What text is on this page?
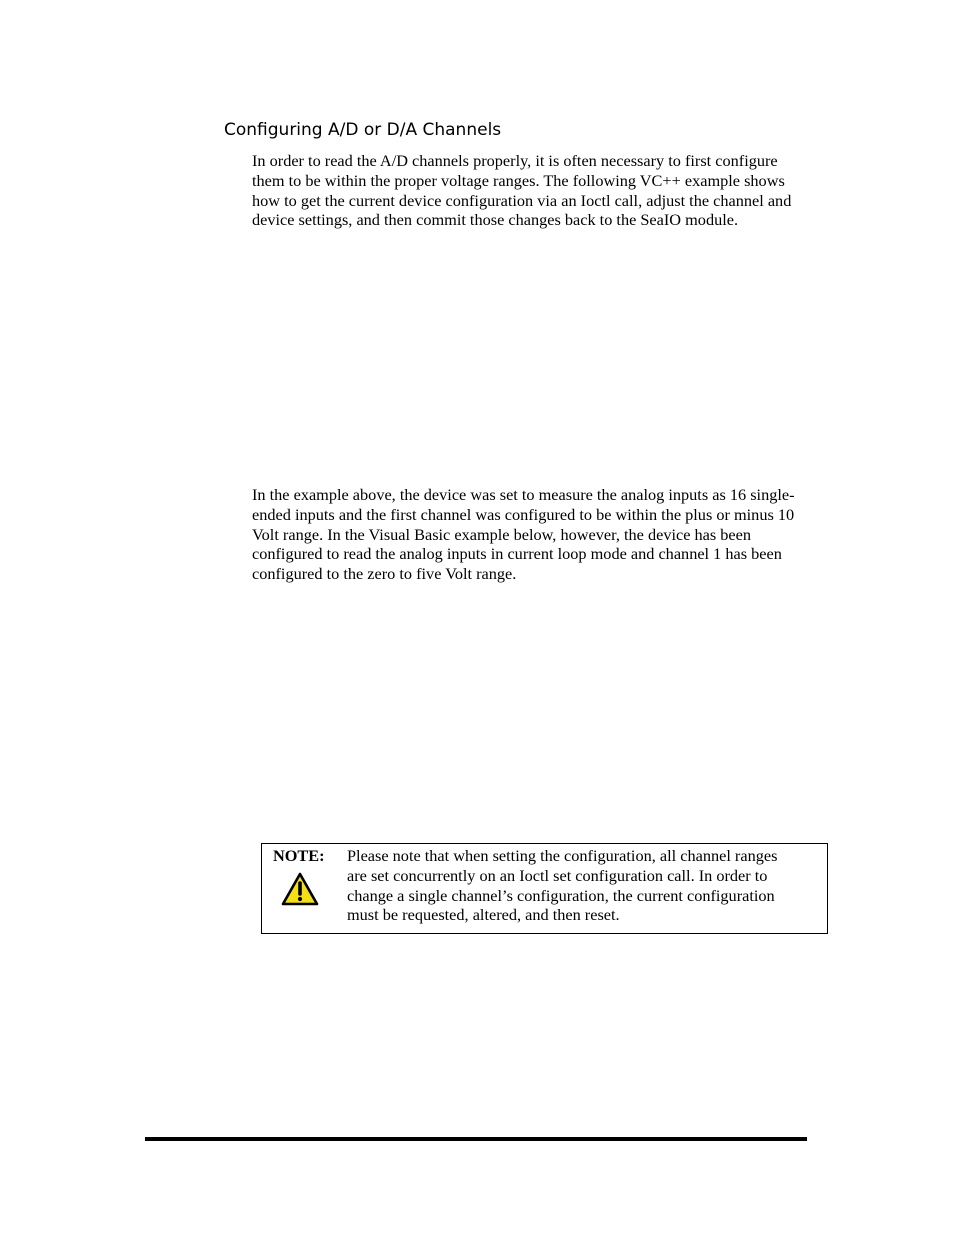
Configuring A/D or D/A Channels
In order to read the A/D channels properly, it is often necessary to first configure
them to be within the proper voltage ranges. The following VC++ example shows
how to get the current device configuration via an Ioctl call, adjust the channel and
device settings, and then commit those changes back to the SeaIO module.
In the example above, the device was set to measure the analog inputs as 16 single-
ended inputs and the first channel was configured to be within the plus or minus 10
Volt range. In the Visual Basic example below, however, the device has been
configured to read the analog inputs in current loop mode and channel 1 has been
configured to the zero to five Volt range.
NOTE: Please note that when setting the configuration, all channel ranges
are set concurrently on an Ioctl set configuration call. In order to
change a single channel’s configuration, the current configuration
must be requested, altered, and then reset.
